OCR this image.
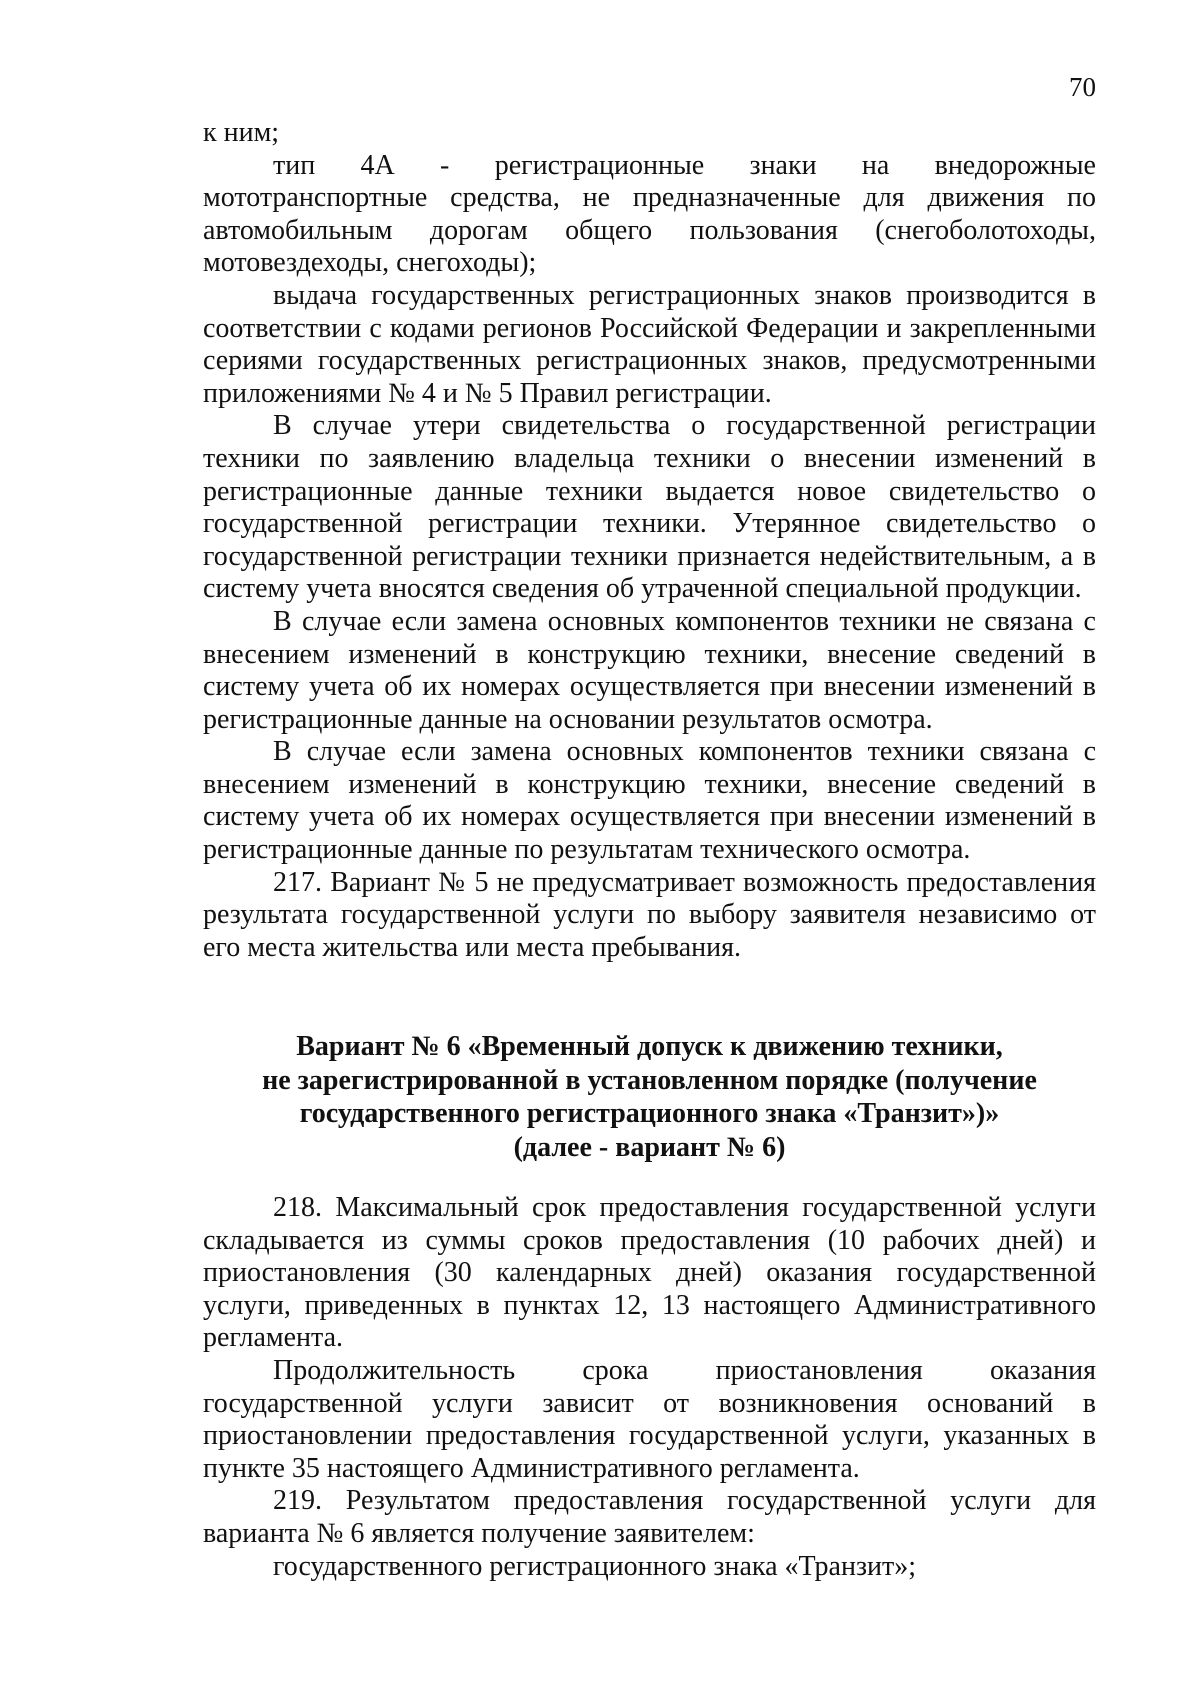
70

к ним;

тип 4А - регистрационные знаки на внедорожные мототранспортные средства, не предназначенные для движения по автомобильным дорогам общего пользования (снегоболотоходы, мотовездеходы, снегоходы);

выдача государственных регистрационных знаков производится в соответствии с кодами регионов Российской Федерации и закрепленными сериями государственных регистрационных знаков, предусмотренными приложениями № 4 и № 5 Правил регистрации.

В случае утери свидетельства о государственной регистрации техники по заявлению владельца техники о внесении изменений в регистрационные данные техники выдается новое свидетельство о государственной регистрации техники. Утерянное свидетельство о государственной регистрации техники признается недействительным, а в систему учета вносятся сведения об утраченной специальной продукции.

В случае если замена основных компонентов техники не связана с внесением изменений в конструкцию техники, внесение сведений в систему учета об их номерах осуществляется при внесении изменений в регистрационные данные на основании результатов осмотра.

В случае если замена основных компонентов техники связана с внесением изменений в конструкцию техники, внесение сведений в систему учета об их номерах осуществляется при внесении изменений в регистрационные данные по результатам технического осмотра.

217. Вариант № 5 не предусматривает возможность предоставления результата государственной услуги по выбору заявителя независимо от его места жительства или места пребывания.

Вариант № 6 «Временный допуск к движению техники,
не зарегистрированной в установленном порядке (получение
государственного регистрационного знака «Транзит»)»
(далее - вариант № 6)

218. Максимальный срок предоставления государственной услуги складывается из суммы сроков предоставления (10 рабочих дней) и приостановления (30 календарных дней) оказания государственной услуги, приведенных в пунктах 12, 13 настоящего Административного регламента.

Продолжительность срока приостановления оказания государственной услуги зависит от возникновения оснований в приостановлении предоставления государственной услуги, указанных в пункте 35 настоящего Административного регламента.

219. Результатом предоставления государственной услуги для варианта № 6 является получение заявителем:

государственного регистрационного знака «Транзит»;
